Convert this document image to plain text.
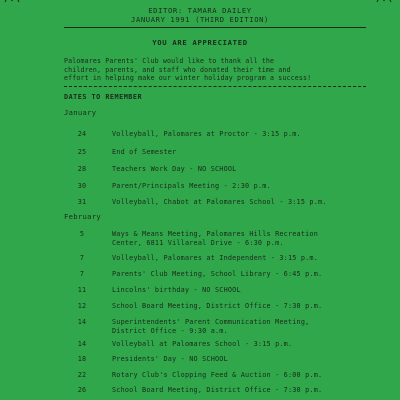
EDITOR: TAMARA DAILEY
JANUARY 1991 (THIRD EDITION)
YOU ARE APPRECIATED
Palomares Parents' Club would like to thank all the
children, parents, and staff who donated their time and
effort in helping make our winter holiday program a success!
DATES TO REMEMBER
January
24	Volleyball, Palomares at Proctor - 3:15 p.m.
25	End of Semester
28	Teachers Work Day - NO SCHOOL
30	Parent/Principals Meeting - 2:30 p.m.
31	Volleyball, Chabot at Palomares School - 3:15 p.m.
February
5	Ways & Means Meeting, Palomares Hills Recreation
Center, 6811 Villareal Drive - 6:30 p.m.
7	Volleyball, Palomares at Independent - 3:15 p.m.
7	Parents' Club Meeting, School Library - 6:45 p.m.
11	Lincolns' birthday - NO SCHOOL
12	School Board Meeting, District Office - 7:30 p.m.
14	Superintendents' Parent Communication Meeting,
District Office - 9:30 a.m.
14	Volleyball at Palomares School - 3:15 p.m.
18	Presidents' Day - NO SCHOOL
22	Rotary Club's Clopping Feed & Auction - 6:00 p.m.
26	School Board Meeting, District Office - 7:30 p.m.
